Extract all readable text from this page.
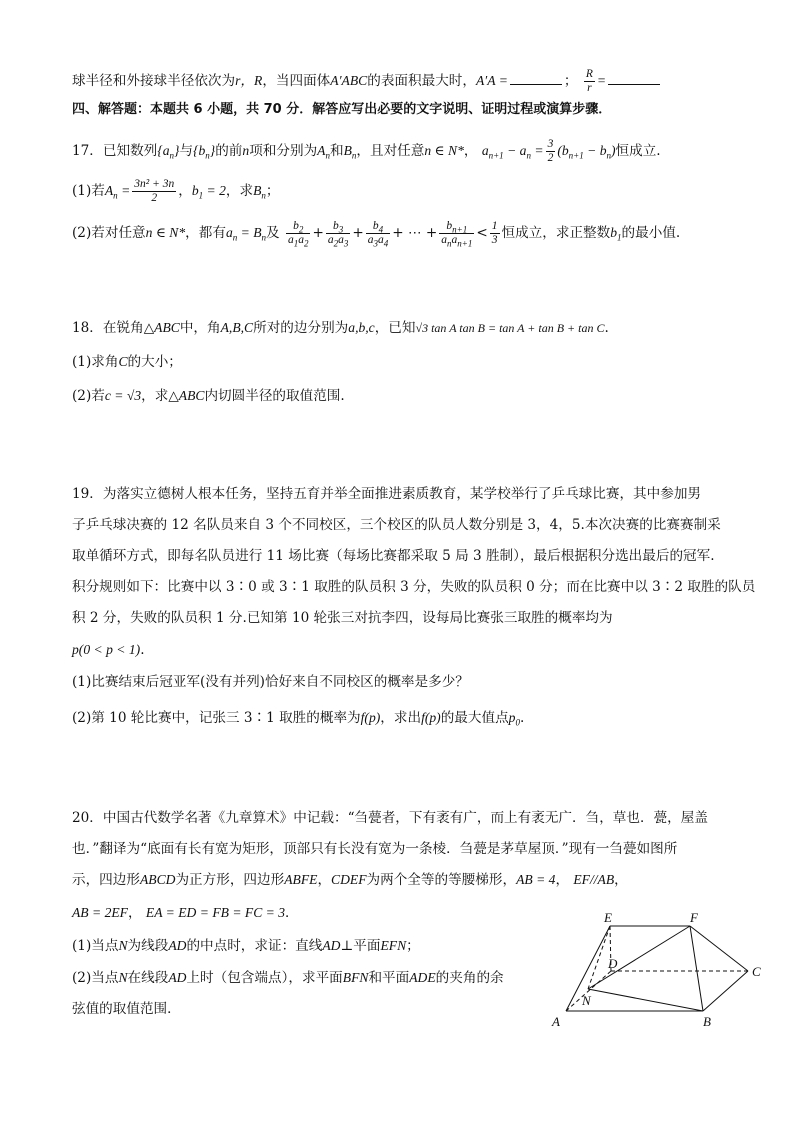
球半径和外接球半径依次为r，R，当四面体A′ABC的表面积最大时，A′A =	； $\frac{R}{r}$ =
四、解答题：本题共 6 小题，共 70 分．解答应写出必要的文字说明、证明过程或演算步骤．
17．已知数列$\{a_n\}$与$\{b_n\}$的前n项和分别为$A_n$和$B_n$，且对任意n ∈ N*， $a_{n+1} - a_n = \frac{3}{2} (b_{n+1} - b_n)$恒成立.
(1)若$A_n = \frac{\text{3n² + 3n}}{2}$ ，$b_1 = 2$，求$B_n$；
(2)若对任意n ∈ N*，都有$a_n = B_n$及 $\frac{b_2}{a_1a_2} + \frac{b_3}{a_2a_3} + \frac{b_4}{a_3a_4}$ + ⋯ + $\frac{b_{n+1}}{a_na_{n+1}} < \frac{1}{3}$ 恒成立，求正整数$b_1$的最小值.
18．在锐角△ABC中，角A,B,C所对的边分别为a,b,c，已知√3 tan A tan B = tan A + tan B + tan C.
(1)求角C的大小；
(2)若c = √3，求△ABC内切圆半径的取值范围.
19．为落实立德树人根本任务，坚持五育并举全面推进素质教育，某学校举行了乒乓球比赛，其中参加男
子乒乓球决赛的 12 名队员来自 3 个不同校区，三个校区的队员人数分别是 3，4，5.本次决赛的比赛赛制采
取单循环方式，即每名队员进行 11 场比赛（每场比赛都采取 5 局 3 胜制），最后根据积分选出最后的冠军.
积分规则如下：比赛中以 3∶0 或 3∶1 取胜的队员积 3 分，失败的队员积 0 分；而在比赛中以 3∶2 取胜的队员
积 2 分，失败的队员积 1 分.已知第 10 轮张三对抗李四，设每局比赛张三取胜的概率均为
p(0 < p < 1).
(1)比赛结束后冠亚军(没有并列)恰好来自不同校区的概率是多少？
(2)第 10 轮比赛中，记张三 3∶1 取胜的概率为f(p)，求出f(p)的最大值点$p_0$.
20．中国古代数学名著《九章算术》中记载：“刍甍者，下有袤有广，而上有袤无广．刍，草也．甍，屋盖
也．”翻译为“底面有长有宽为矩形，顶部只有长没有宽为一条棱．刍甍是茅草屋顶．”现有一刍甍如图所
示，四边形ABCD为正方形，四边形ABFE，CDEF为两个全等的等腰梯形，AB = 4， EF//AB，
AB = 2EF， EA = ED = FB = FC = 3．
(1)当点N为线段AD的中点时，求证：直线AD⊥平面EFN；
(2)当点N在线段AD上时（包含端点），求平面BFN和平面ADE的夹角的余
弦值的取值范围．
E	F
D
C
N
A	B
